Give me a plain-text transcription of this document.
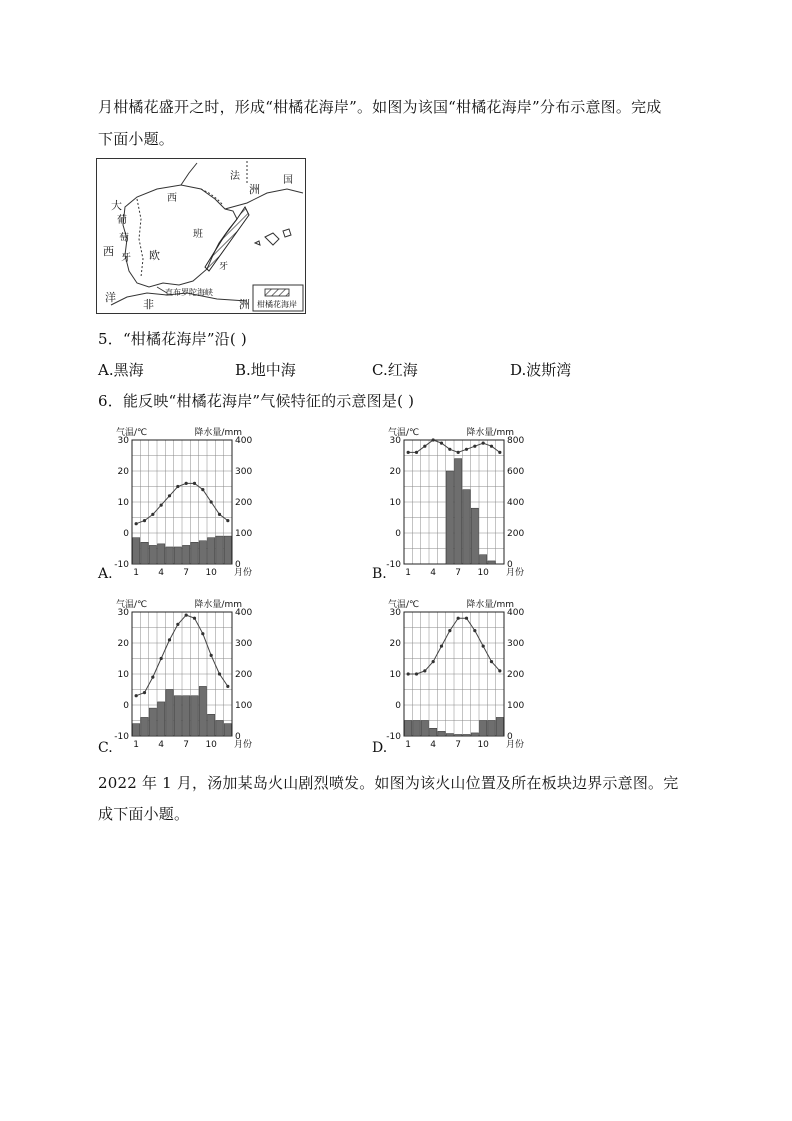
月柑橘花盛开之时，形成“柑橘花海岸”。如图为该国“柑橘花海岸”分布示意图。完成
下面小题。
大
西
洋
法	国
洲
西
葡
萄
牙
班
牙
欧
非	洲
直布罗陀海峡
柑橘花海岸
5．“柑橘花海岸”沿( )
A.黑海	B.地中海	C.红海	D.波斯湾
6．能反映“柑橘花海岸”气候特征的示意图是( )
30
20
10
0
-10
400
300
200
100
0
1 4 7 10 月份
气温/℃	降水量/mm
A.
30
20
10
0
-10
800
600
400
200
0
1 4 7 10 月份
气温/℃	降水量/mm
B.
30
20
10
0
-10
400
300
200
100
0
1 4 7 10 月份
气温/℃	降水量/mm
C.
30
20
10
0
-10
400
300
200
100
0
1 4 7 10 月份
气温/℃	降水量/mm
D.
2022 年 1 月，汤加某岛火山剧烈喷发。如图为该火山位置及所在板块边界示意图。完
成下面小题。
